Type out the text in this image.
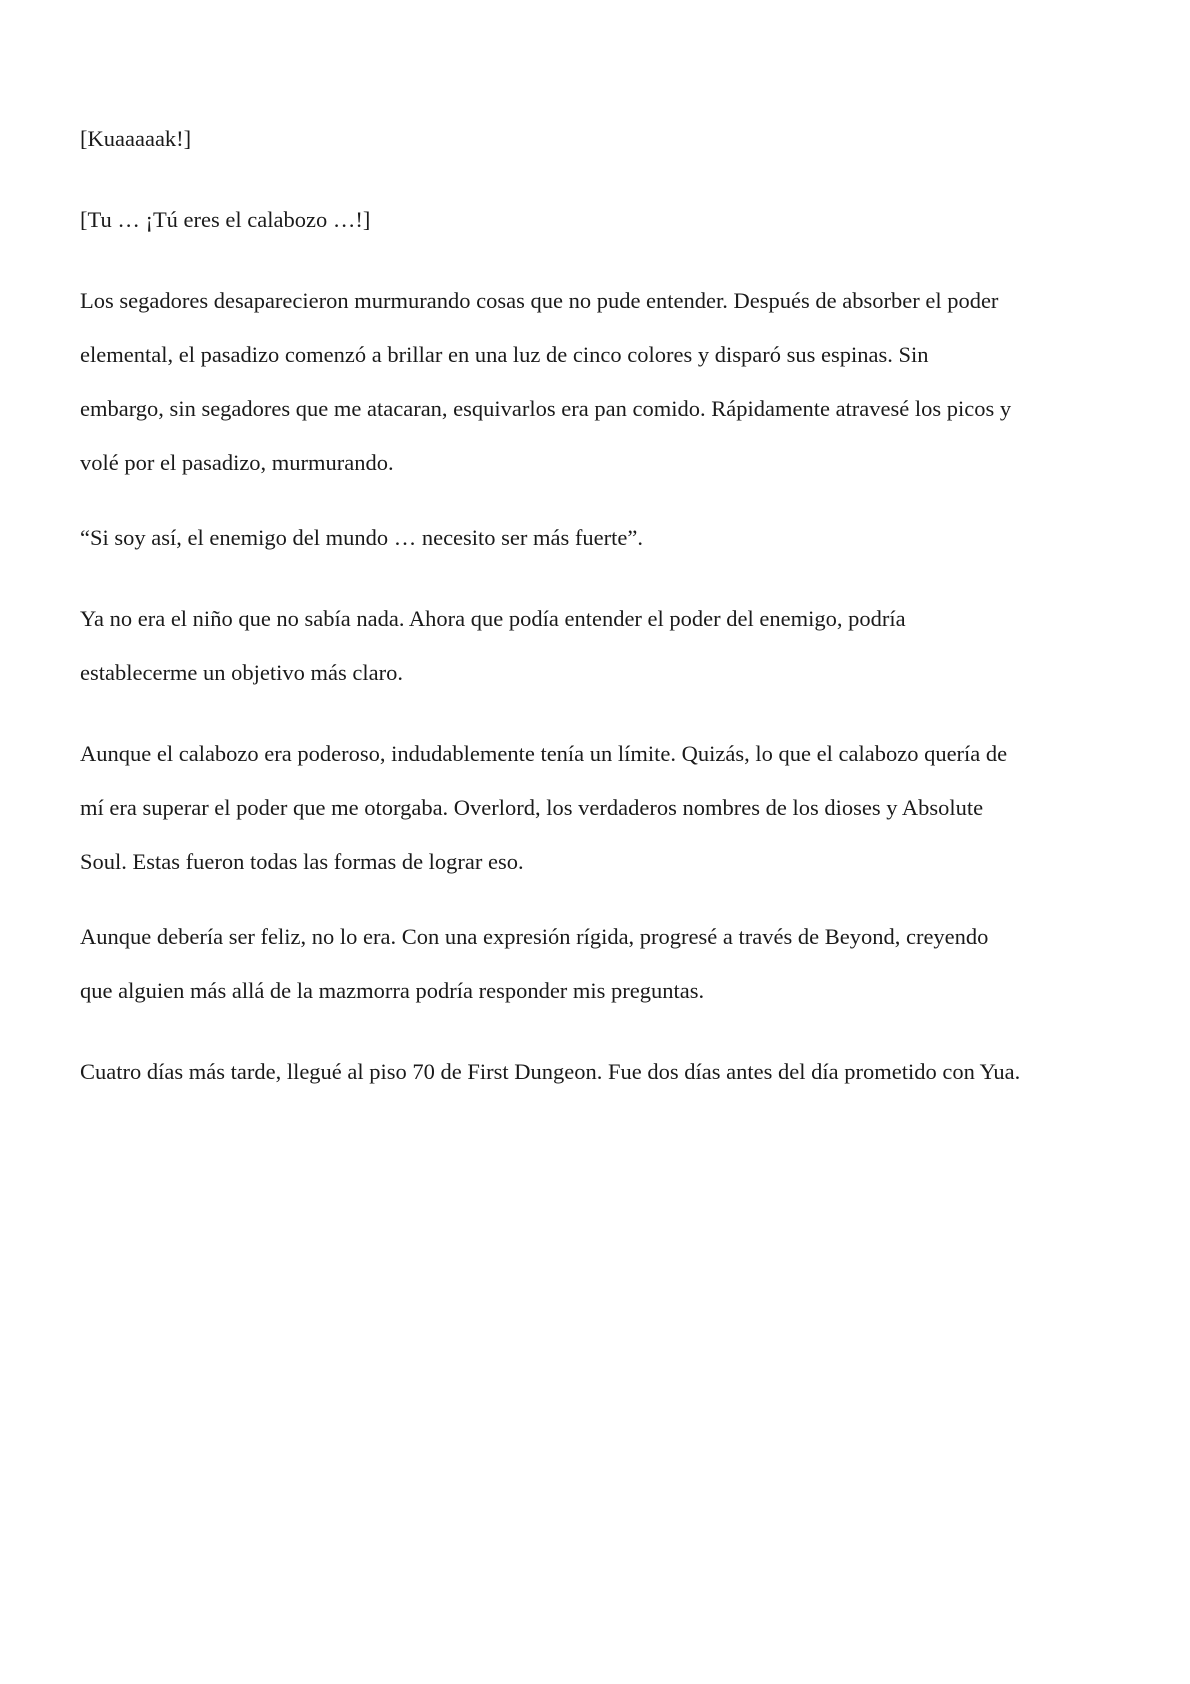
[Kuaaaaak!]

[Tu … ¡Tú eres el calabozo …!]

Los segadores desaparecieron murmurando cosas que no pude entender. Después de absorber el poder
elemental, el pasadizo comenzó a brillar en una luz de cinco colores y disparó sus espinas. Sin
embargo, sin segadores que me atacaran, esquivarlos era pan comido. Rápidamente atravesé los picos y
volé por el pasadizo, murmurando.

“Si soy así, el enemigo del mundo … necesito ser más fuerte”.

Ya no era el niño que no sabía nada. Ahora que podía entender el poder del enemigo, podría
establecerme un objetivo más claro.

Aunque el calabozo era poderoso, indudablemente tenía un límite. Quizás, lo que el calabozo quería de
mí era superar el poder que me otorgaba. Overlord, los verdaderos nombres de los dioses y Absolute
Soul. Estas fueron todas las formas de lograr eso.

Aunque debería ser feliz, no lo era. Con una expresión rígida, progresé a través de Beyond, creyendo
que alguien más allá de la mazmorra podría responder mis preguntas.

Cuatro días más tarde, llegué al piso 70 de First Dungeon. Fue dos días antes del día prometido con Yua.
